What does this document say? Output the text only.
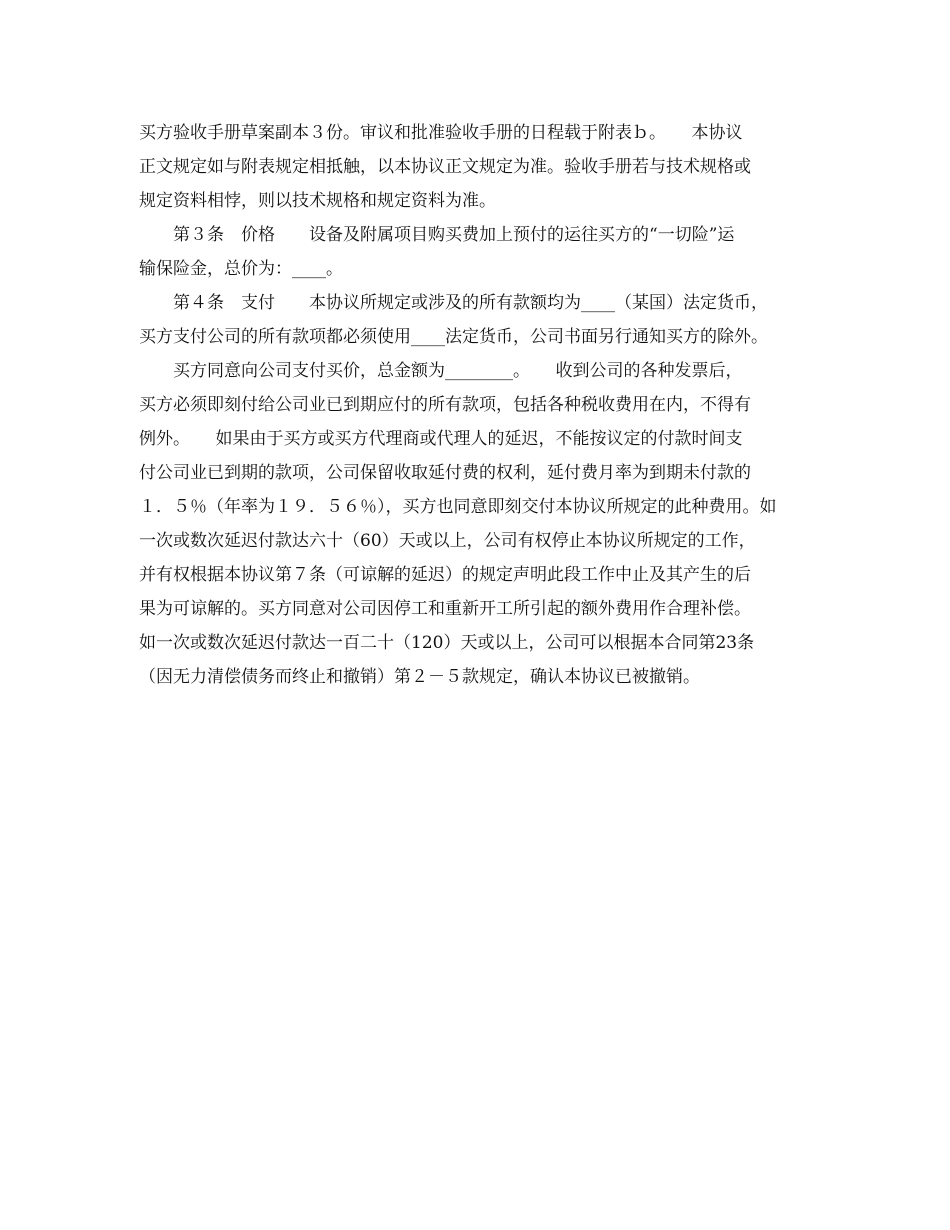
买方验收手册草案副本３份。审议和批准验收手册的日程载于附表ｂ。　　本协议
正文规定如与附表规定相抵触，以本协议正文规定为准。验收手册若与技术规格或
规定资料相悖，则以技术规格和规定资料为准。
　　第３条　价格　　设备及附属项目购买费加上预付的运往买方的“一切险”运
输保险金，总价为：____。
　　第４条　支付　　本协议所规定或涉及的所有款额均为____（某国）法定货币，
买方支付公司的所有款项都必须使用____法定货币，公司书面另行通知买方的除外。
　　买方同意向公司支付买价，总金额为________。　　收到公司的各种发票后，
买方必须即刻付给公司业已到期应付的所有款项，包括各种税收费用在内，不得有
例外。　　如果由于买方或买方代理商或代理人的延迟，不能按议定的付款时间支
付公司业已到期的款项，公司保留收取延付费的权利，延付费月率为到期未付款的
１．５％（年率为１９．５６％），买方也同意即刻交付本协议所规定的此种费用。如
一次或数次延迟付款达六十（60）天或以上，公司有权停止本协议所规定的工作，
并有权根据本协议第７条（可谅解的延迟）的规定声明此段工作中止及其产生的后
果为可谅解的。买方同意对公司因停工和重新开工所引起的额外费用作合理补偿。
如一次或数次延迟付款达一百二十（120）天或以上，公司可以根据本合同第23条
（因无力清偿债务而终止和撤销）第２－５款规定，确认本协议已被撤销。
